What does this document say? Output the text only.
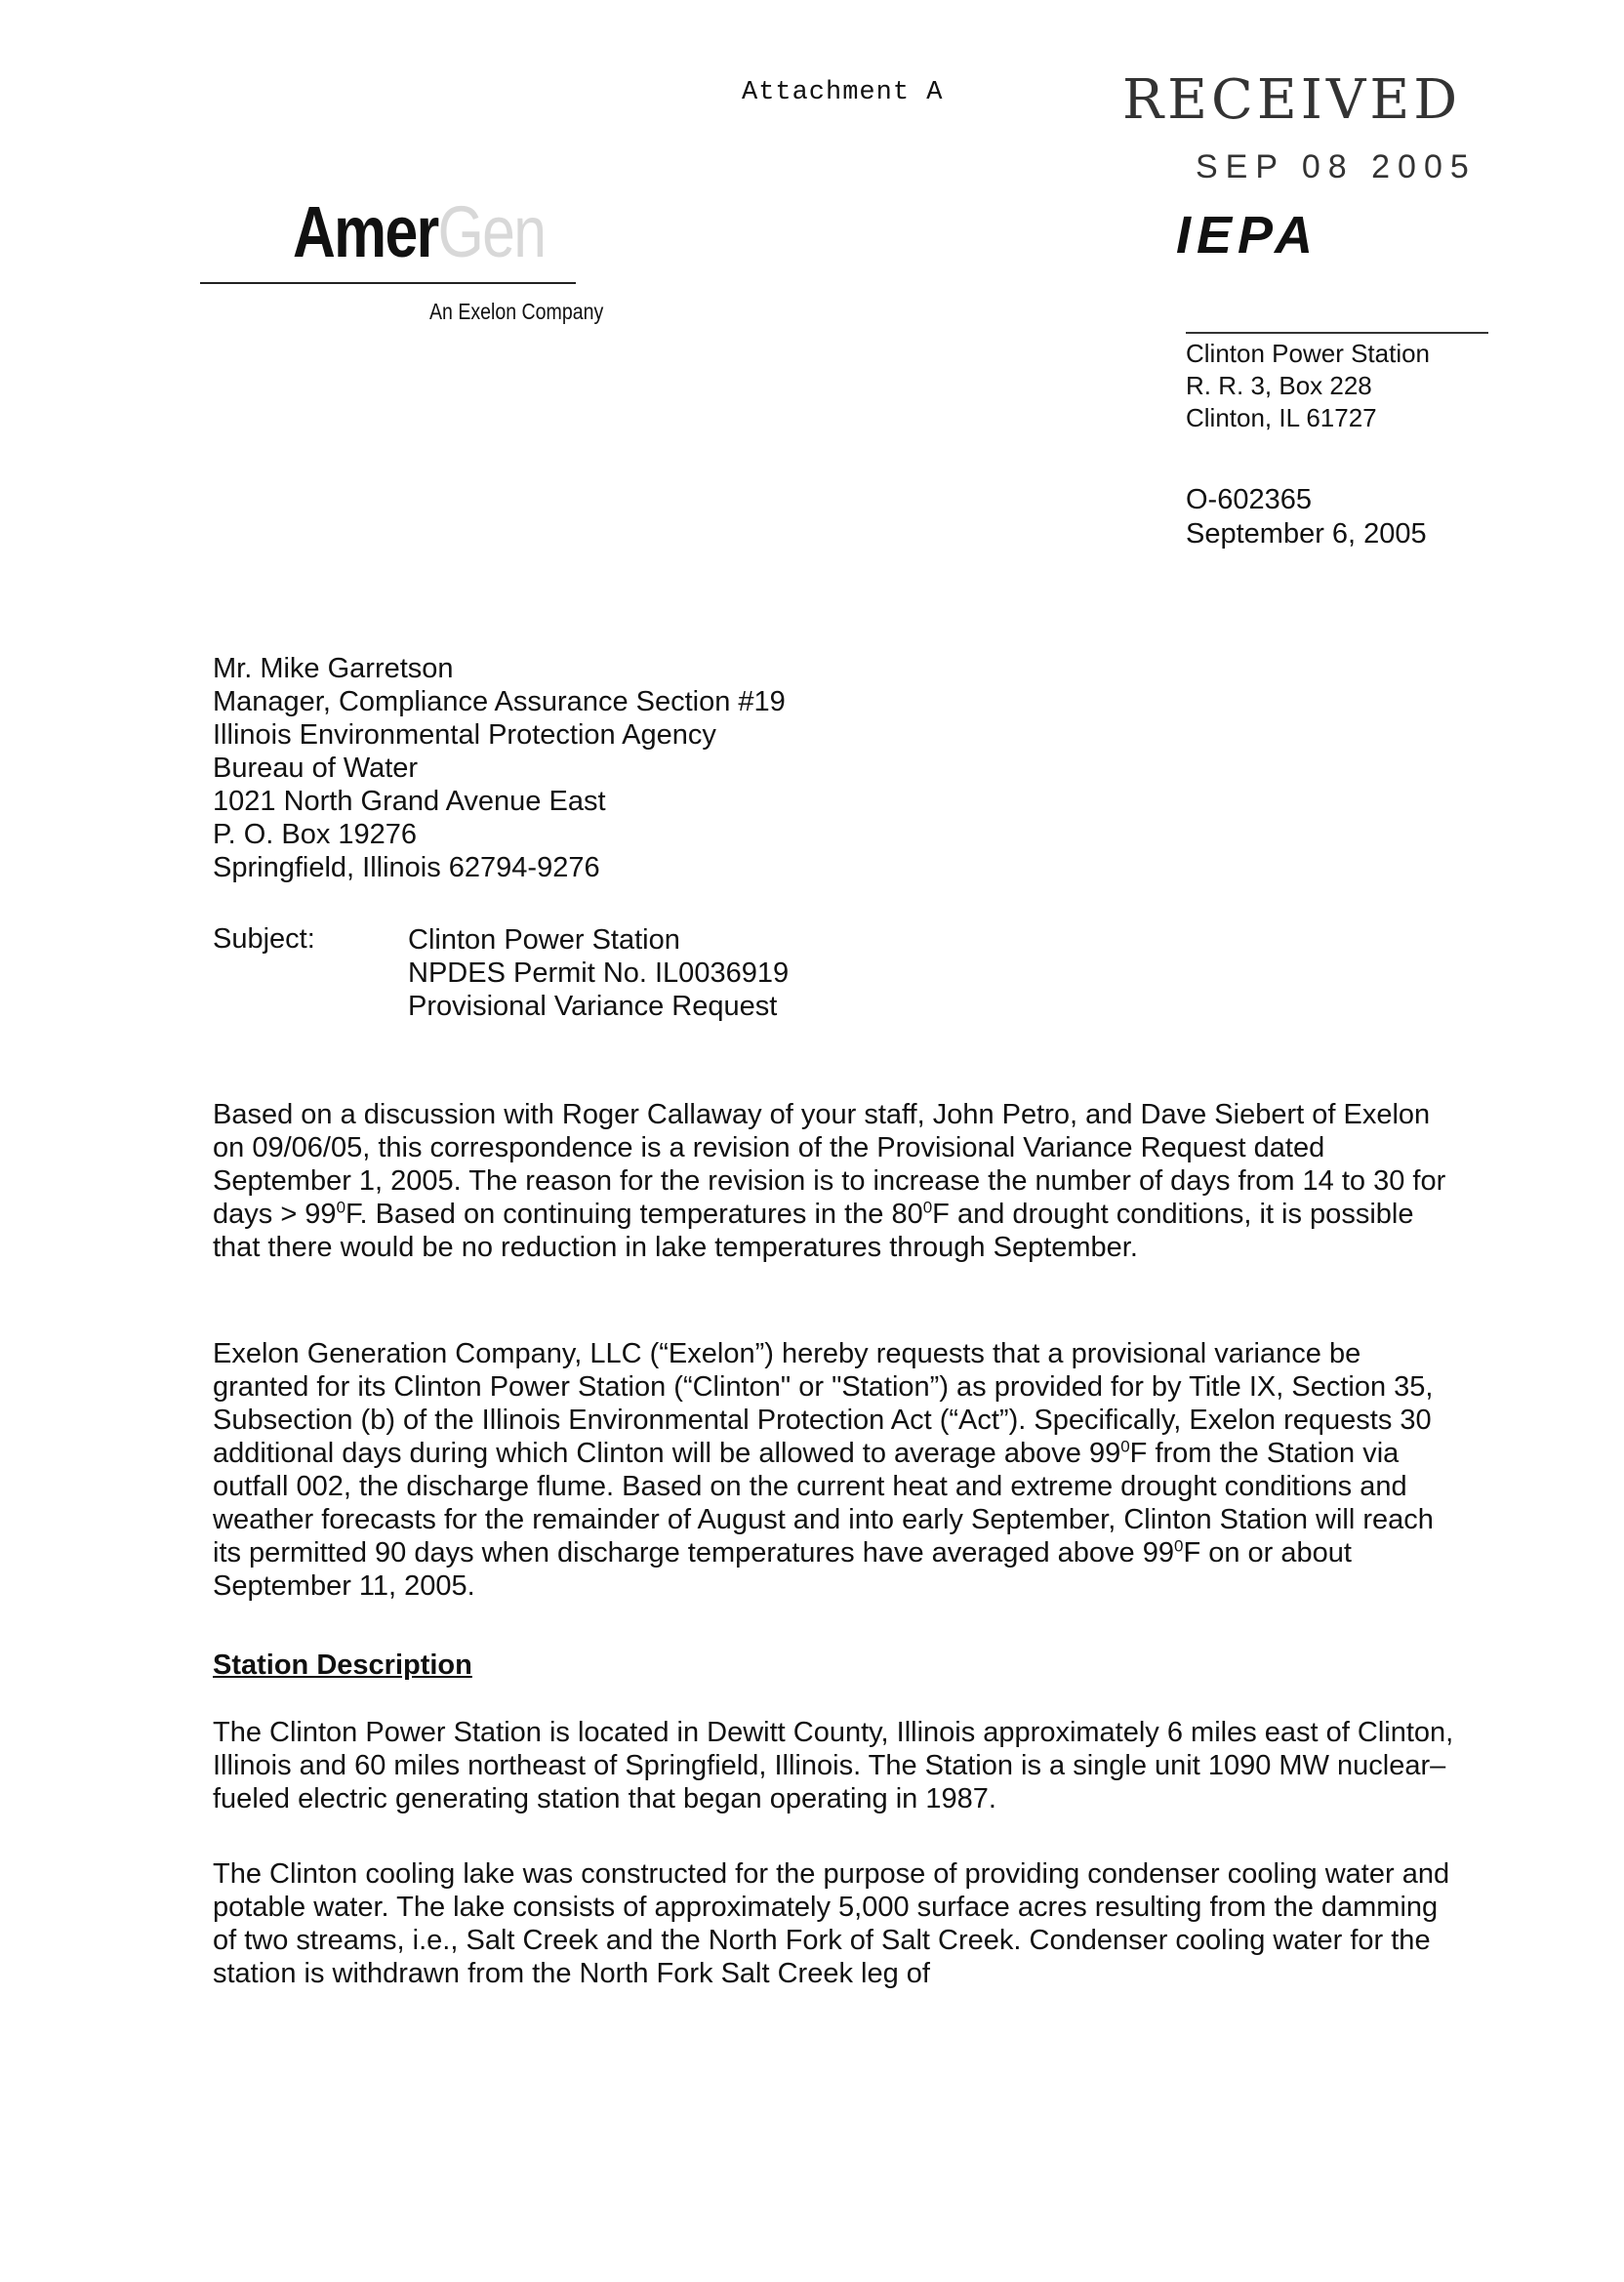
Attachment A
AmerGen
An Exelon Company
RECEIVED
SEP 08 2005
IEPA
Clinton Power Station
R. R. 3, Box 228
Clinton, IL 61727
O-602365
September 6, 2005
Mr. Mike Garretson
Manager, Compliance Assurance Section #19
Illinois Environmental Protection Agency
Bureau of Water
1021 North Grand Avenue East
P. O. Box 19276
Springfield, Illinois 62794-9276
Subject:	Clinton Power Station
NPDES Permit No. IL0036919
Provisional Variance Request
Based on a discussion with Roger Callaway of your staff, John Petro, and Dave Siebert of Exelon on 09/06/05, this correspondence is a revision of the Provisional Variance Request dated September 1, 2005. The reason for the revision is to increase the number of days from 14 to 30 for days > $99^0F$. Based on continuing temperatures in the $80^0F$ and drought conditions, it is possible that there would be no reduction in lake temperatures through September.
Exelon Generation Company, LLC (“Exelon”) hereby requests that a provisional variance be granted for its Clinton Power Station (“Clinton" or "Station”) as provided for by Title IX, Section 35, Subsection (b) of the Illinois Environmental Protection Act (“Act”). Specifically, Exelon requests 30 additional days during which Clinton will be allowed to average above $99^0F$ from the Station via outfall 002, the discharge flume. Based on the current heat and extreme drought conditions and weather forecasts for the remainder of August and into early September, Clinton Station will reach its permitted 90 days when discharge temperatures have averaged above $99^0F$ on or about September 11, 2005.
Station Description
The Clinton Power Station is located in Dewitt County, Illinois approximately 6 miles east of Clinton, Illinois and 60 miles northeast of Springfield, Illinois. The Station is a single unit 1090 MW nuclear–fueled electric generating station that began operating in 1987.
The Clinton cooling lake was constructed for the purpose of providing condenser cooling water and potable water. The lake consists of approximately 5,000 surface acres resulting from the damming of two streams, i.e., Salt Creek and the North Fork of Salt Creek. Condenser cooling water for the station is withdrawn from the North Fork Salt Creek leg of
